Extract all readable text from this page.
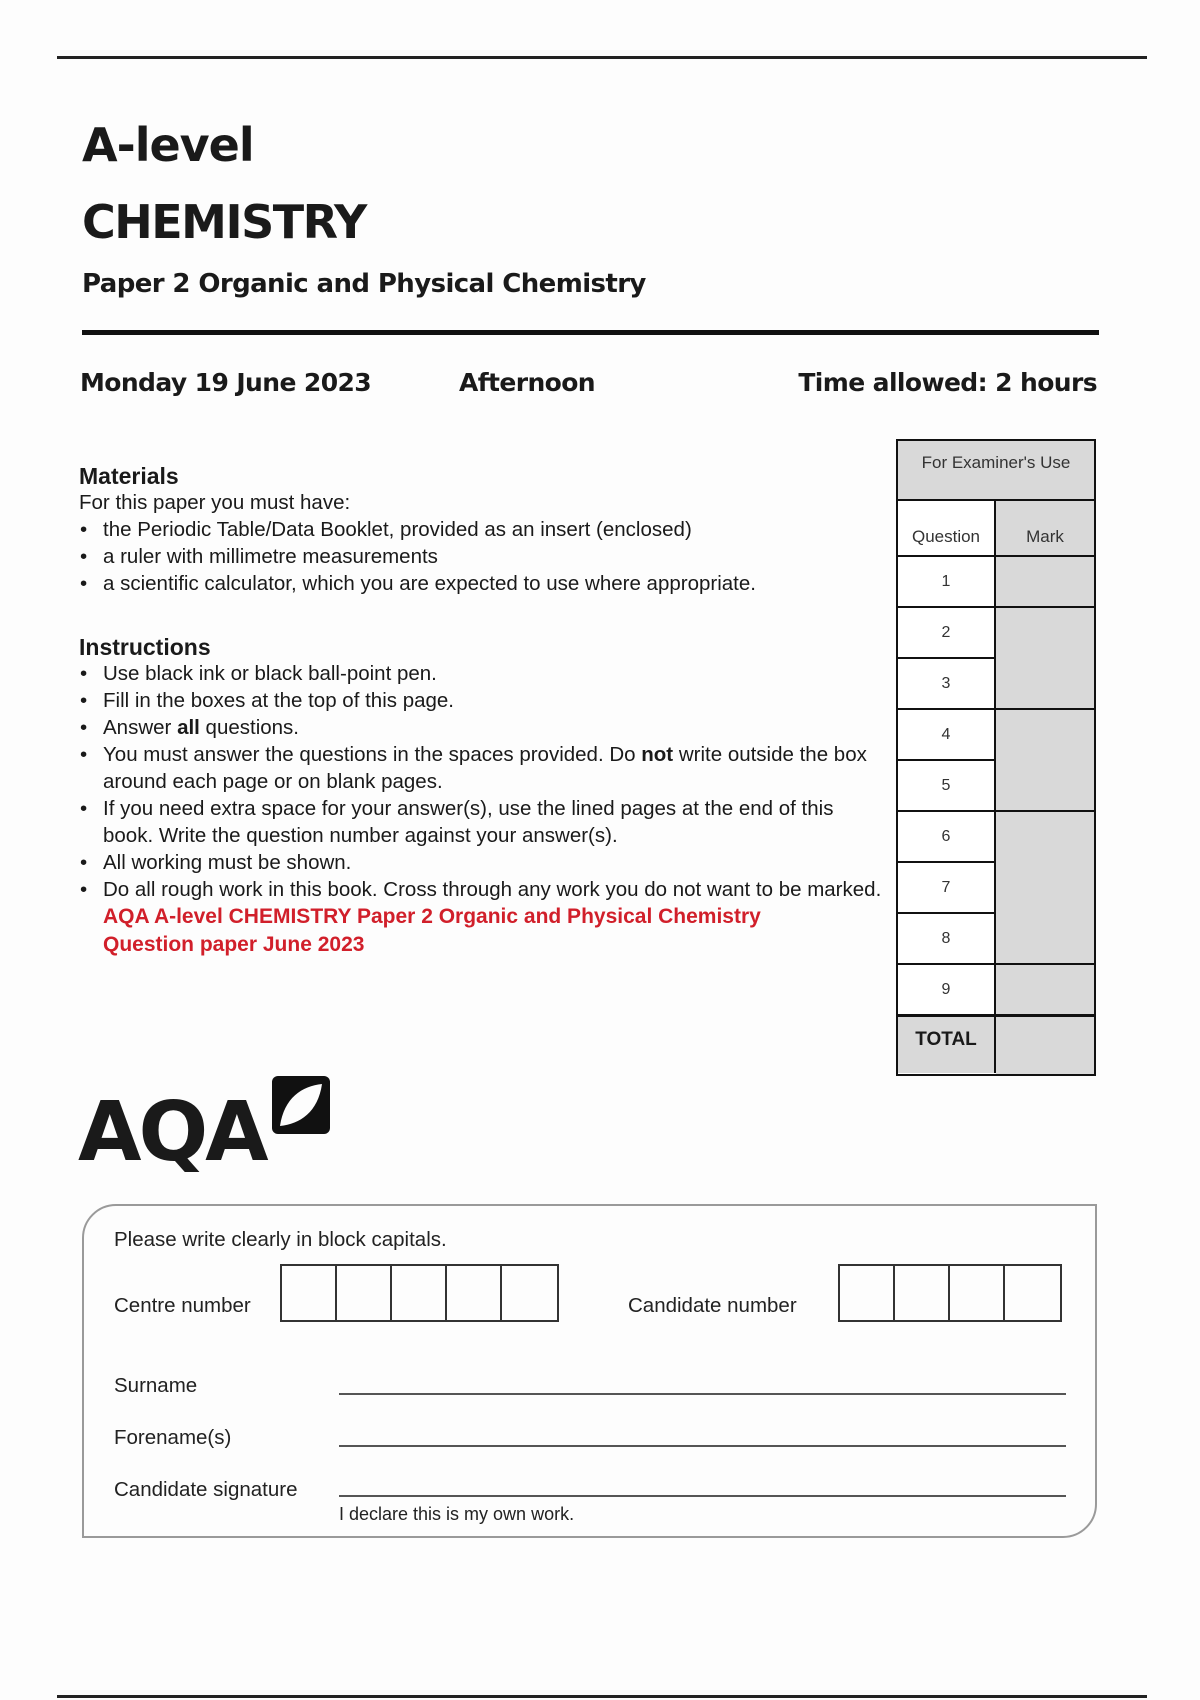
A-level
CHEMISTRY
Paper 2 Organic and Physical Chemistry
Monday 19 June 2023	Afternoon	Time allowed: 2 hours
Materials
For this paper you must have:
• the Periodic Table/Data Booklet, provided as an insert (enclosed)
• a ruler with millimetre measurements
• a scientific calculator, which you are expected to use where appropriate.
Instructions
• Use black ink or black ball-point pen.
• Fill in the boxes at the top of this page.
• Answer all questions.
• You must answer the questions in the spaces provided. Do not write outside the box around each page or on blank pages.
• If you need extra space for your answer(s), use the lined pages at the end of this book. Write the question number against your answer(s).
• All working must be shown.
• Do all rough work in this book. Cross through any work you do not want to be marked.
AQA A-level CHEMISTRY Paper 2 Organic and Physical Chemistry Question paper June 2023
For Examiner's Use
Question	Mark
1
2
3
4
5
6
7
8
9
TOTAL
AQA
Please write clearly in block capitals.
Centre number	Candidate number
Surname
Forename(s)
Candidate signature
I declare this is my own work.
